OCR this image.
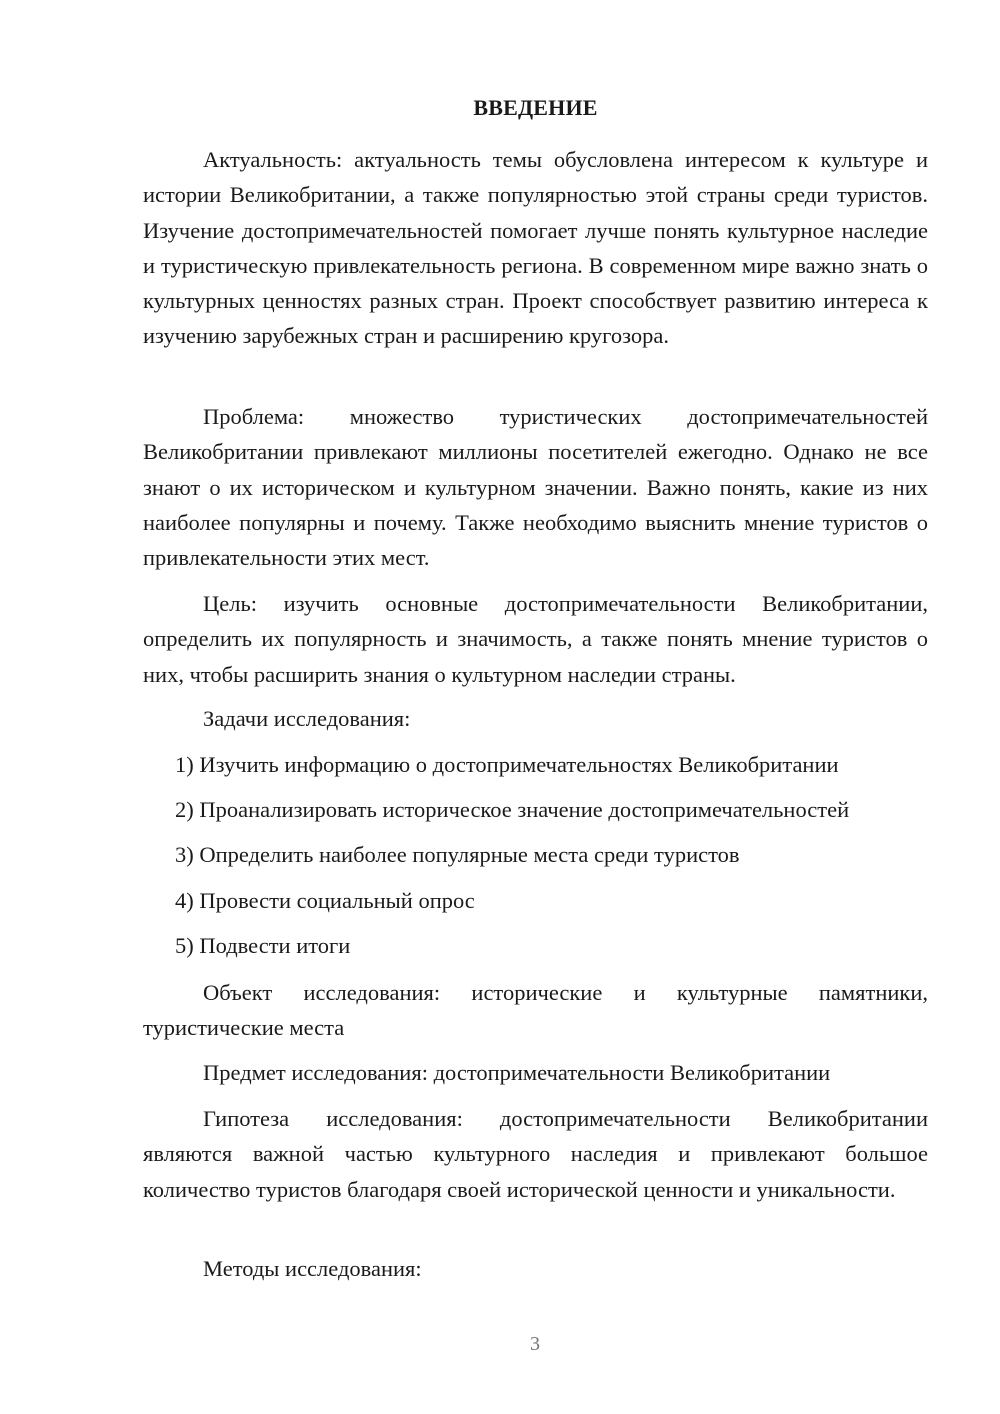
ВВЕДЕНИЕ

Актуальность: актуальность темы обусловлена интересом к культуре и истории Великобритании, а также популярностью этой страны среди туристов. Изучение достопримечательностей помогает лучше понять культурное наследие и туристическую привлекательность региона. В современном мире важно знать о культурных ценностях разных стран. Проект способствует развитию интереса к изучению зарубежных стран и расширению кругозора.

Проблема: множество туристических достопримечательностей Великобритании привлекают миллионы посетителей ежегодно. Однако не все знают о их историческом и культурном значении. Важно понять, какие из них наиболее популярны и почему. Также необходимо выяснить мнение туристов о привлекательности этих мест.

Цель: изучить основные достопримечательности Великобритании, определить их популярность и значимость, а также понять мнение туристов о них, чтобы расширить знания о культурном наследии страны.

Задачи исследования:

1) Изучить информацию о достопримечательностях Великобритании

2) Проанализировать историческое значение достопримечательностей

3) Определить наиболее популярные места среди туристов

4) Провести социальный опрос

5) Подвести итоги

Объект исследования: исторические и культурные памятники, туристические места

Предмет исследования: достопримечательности Великобритании

Гипотеза исследования: достопримечательности Великобритании являются важной частью культурного наследия и привлекают большое количество туристов благодаря своей исторической ценности и уникальности.

Методы исследования:

3
